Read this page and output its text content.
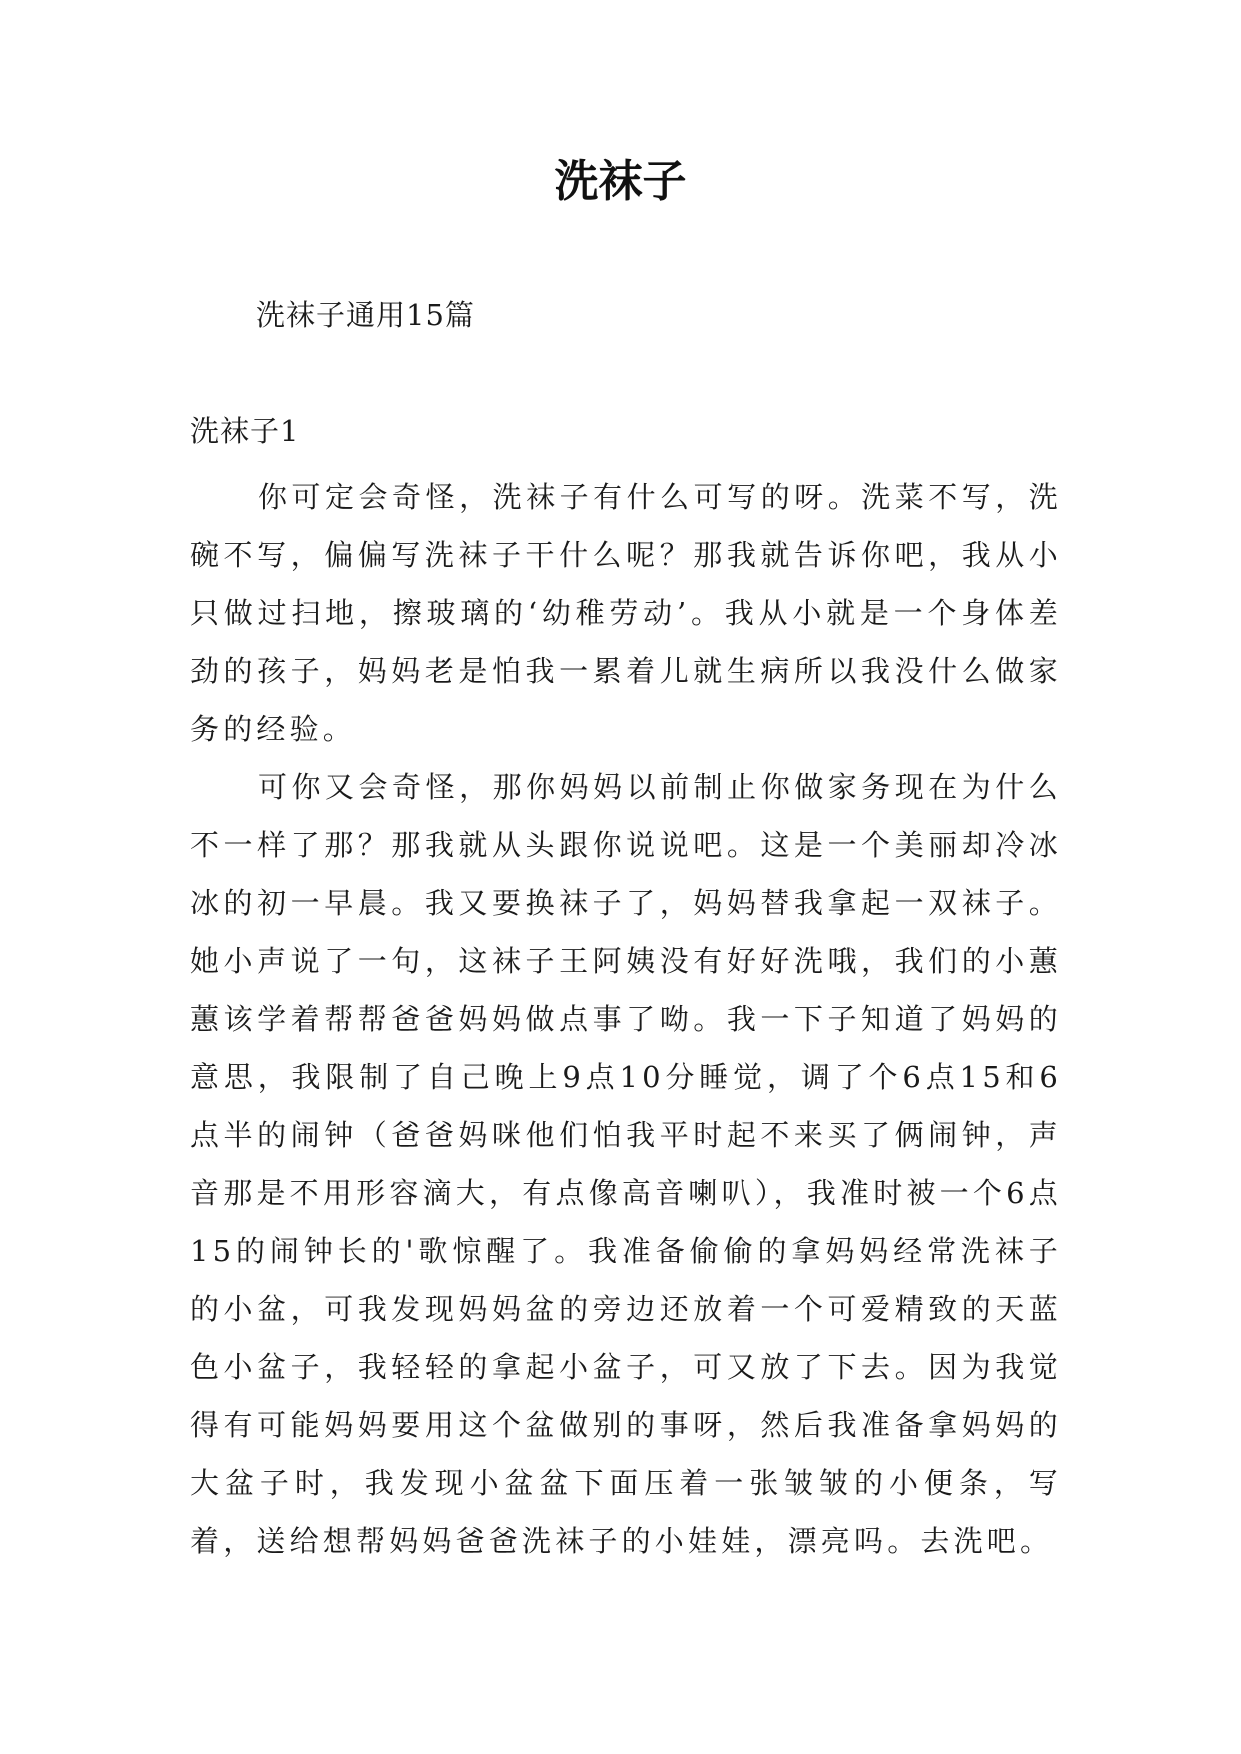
洗袜子

洗袜子通用15篇

洗袜子1

你可定会奇怪，洗袜子有什么可写的呀。洗菜不写，洗碗不写，偏偏写洗袜子干什么呢？那我就告诉你吧，我从小只做过扫地，擦玻璃的‘幼稚劳动’。我从小就是一个身体差劲的孩子，妈妈老是怕我一累着儿就生病所以我没什么做家务的经验。

可你又会奇怪，那你妈妈以前制止你做家务现在为什么不一样了那？那我就从头跟你说说吧。这是一个美丽却冷冰冰的初一早晨。我又要换袜子了，妈妈替我拿起一双袜子。她小声说了一句，这袜子王阿姨没有好好洗哦，我们的小蕙蕙该学着帮帮爸爸妈妈做点事了呦。我一下子知道了妈妈的意思，我限制了自己晚上9点10分睡觉，调了个6点15和6点半的闹钟（爸爸妈咪他们怕我平时起不来买了俩闹钟，声音那是不用形容滴大，有点像高音喇叭），我准时被一个6点15的闹钟长的'歌惊醒了。我准备偷偷的拿妈妈经常洗袜子的小盆，可我发现妈妈盆的旁边还放着一个可爱精致的天蓝色小盆子，我轻轻的拿起小盆子，可又放了下去。因为我觉得有可能妈妈要用这个盆做别的事呀，然后我准备拿妈妈的大盆子时，我发现小盆盆下面压着一张皱皱的小便条，写着，送给想帮妈妈爸爸洗袜子的小娃娃，漂亮吗。去洗吧。
